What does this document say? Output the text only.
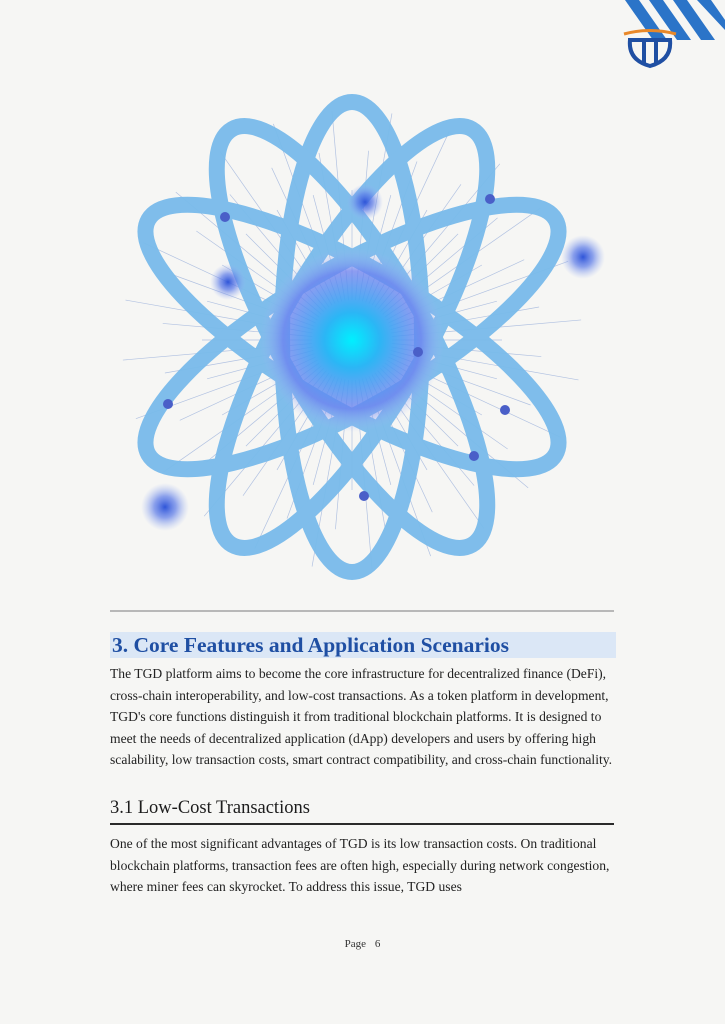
3. Core Features and Application Scenarios

The TGD platform aims to become the core infrastructure for decentralized finance (DeFi), cross-chain interoperability, and low-cost transactions. As a token platform in development, TGD's core functions distinguish it from traditional blockchain platforms. It is designed to meet the needs of decentralized application (dApp) developers and users by offering high scalability, low transaction costs, smart contract compatibility, and cross-chain functionality.

3.1 Low-Cost Transactions

One of the most significant advantages of TGD is its low transaction costs. On traditional blockchain platforms, transaction fees are often high, especially during network congestion, where miner fees can skyrocket. To address this issue, TGD uses

Page 6
